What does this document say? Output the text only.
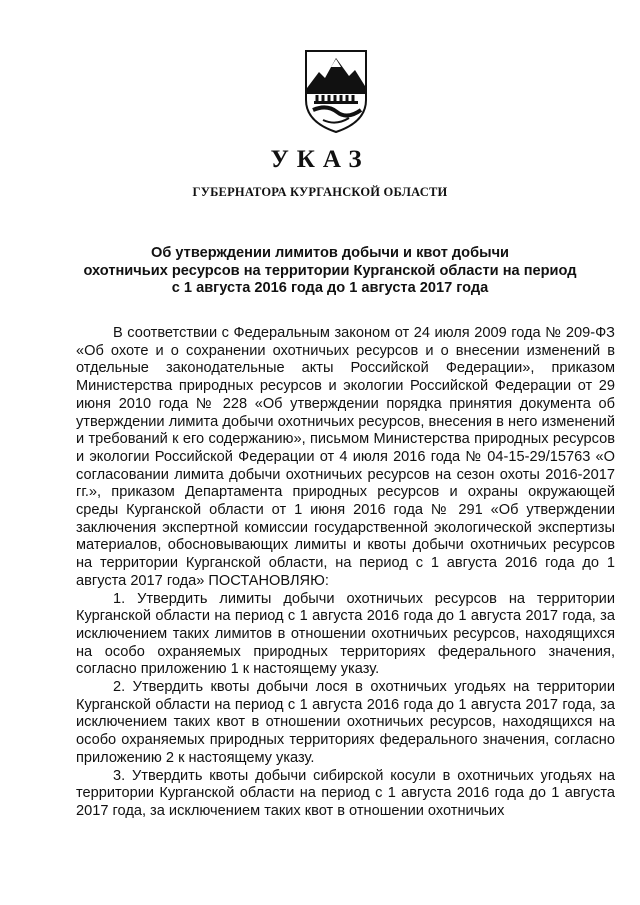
УКАЗ
ГУБЕРНАТОРА КУРГАНСКОЙ ОБЛАСТИ
Об утверждении лимитов добычи и квот добычи
охотничьих ресурсов на территории Курганской области на период
с 1 августа 2016 года до 1 августа 2017 года

В соответствии с Федеральным законом от 24 июля 2009 года № 209-ФЗ «Об охоте и о сохранении охотничьих ресурсов и о внесении изменений в отдельные законодательные акты Российской Федерации», приказом Министерства природных ресурсов и экологии Российской Федерации от 29 июня 2010 года № 228 «Об утверждении порядка принятия документа об утверждении лимита добычи охотничьих ресурсов, внесения в него изменений и требований к его содержанию», письмом Министерства природных ресурсов и экологии Российской Федерации от 4 июля 2016 года № 04-15-29/15763 «О согласовании лимита добычи охотничьих ресурсов на сезон охоты 2016-2017 гг.», приказом Департамента природных ресурсов и охраны окружающей среды Курганской области от 1 июня 2016 года № 291 «Об утверждении заключения экспертной комиссии государственной экологической экспертизы материалов, обосновывающих лимиты и квоты добычи охотничьих ресурсов на территории Курганской области, на период с 1 августа 2016 года до 1 августа 2017 года» ПОСТАНОВЛЯЮ:

1. Утвердить лимиты добычи охотничьих ресурсов на территории Курганской области на период с 1 августа 2016 года до 1 августа 2017 года, за исключением таких лимитов в отношении охотничьих ресурсов, находящихся на особо охраняемых природных территориях федерального значения, согласно приложению 1 к настоящему указу.

2. Утвердить квоты добычи лося в охотничьих угодьях на территории Курганской области на период с 1 августа 2016 года до 1 августа 2017 года, за исключением таких квот в отношении охотничьих ресурсов, находящихся на особо охраняемых природных территориях федерального значения, согласно приложению 2 к настоящему указу.

3. Утвердить квоты добычи сибирской косули в охотничьих угодьях на территории Курганской области на период с 1 августа 2016 года до 1 августа 2017 года, за исключением таких квот в отношении охотничьих
